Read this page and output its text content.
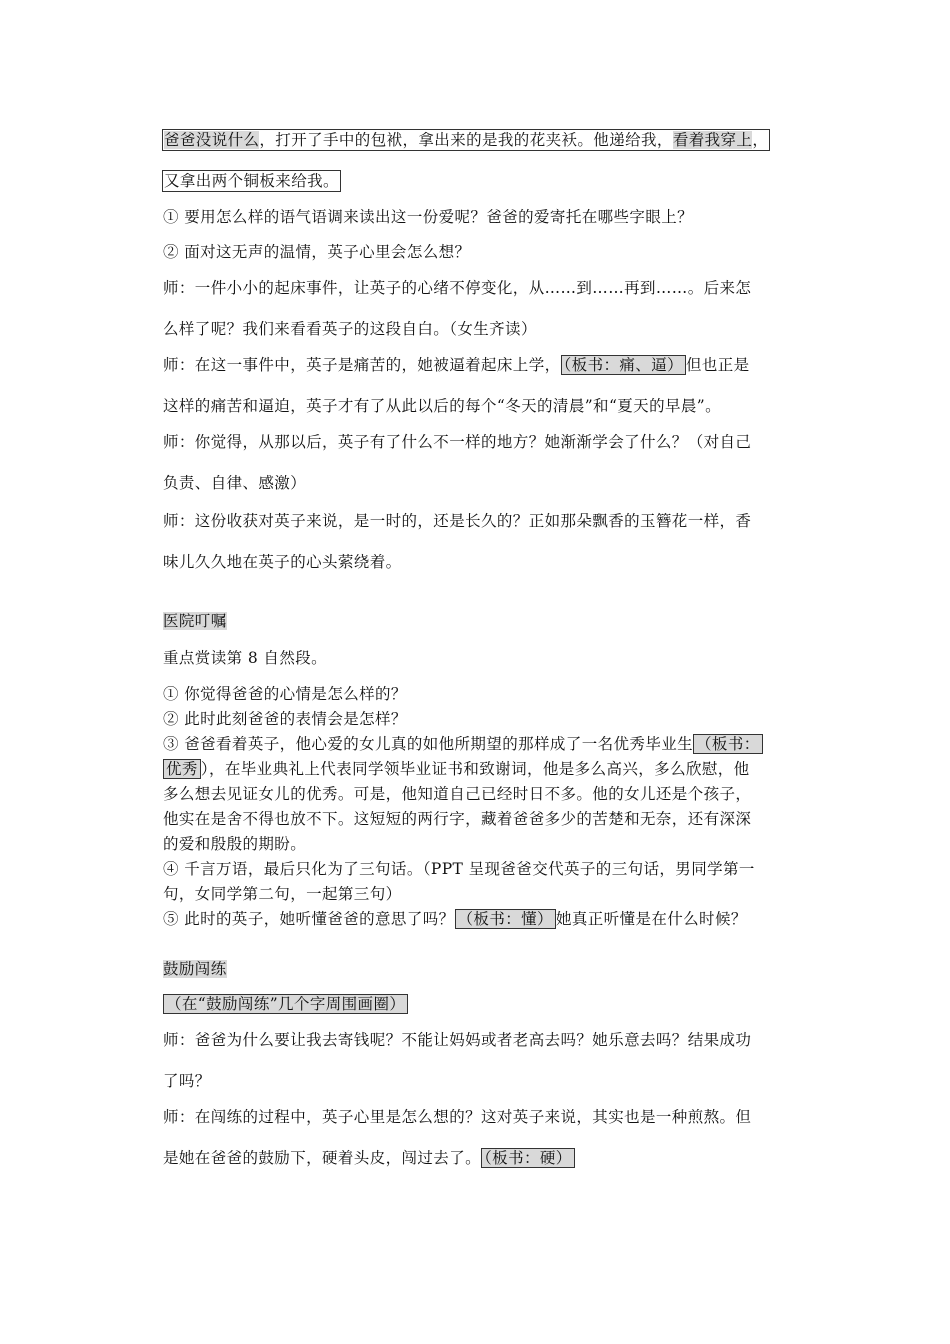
爸爸没说什么，打开了手中的包袱，拿出来的是我的花夹袄。他递给我，看着我穿上，
又拿出两个铜板来给我。
① 要用怎么样的语气语调来读出这一份爱呢？爸爸的爱寄托在哪些字眼上？
② 面对这无声的温情，英子心里会怎么想？
师：一件小小的起床事件，让英子的心绪不停变化，从……到……再到……。后来怎
么样了呢？我们来看看英子的这段自白。（女生齐读）
师：在这一事件中，英子是痛苦的，她被逼着起床上学， （板书：痛、逼） 但也正是
这样的痛苦和逼迫，英子才有了从此以后的每个“冬天的清晨”和“夏天的早晨”。
师：你觉得，从那以后，英子有了什么不一样的地方？她渐渐学会了什么？（对自己
负责、自律、感激）
师：这份收获对英子来说，是一时的，还是长久的？正如那朵飘香的玉簪花一样，香
味儿久久地在英子的心头萦绕着。
医院叮嘱
重点赏读第 8 自然段。
① 你觉得爸爸的心情是怎么样的？
② 此时此刻爸爸的表情会是怎样？
③ 爸爸看着英子，他心爱的女儿真的如他所期望的那样成了一名优秀毕业生 （板书：
优秀 ），在毕业典礼上代表同学领毕业证书和致谢词，他是多么高兴，多么欣慰，他
多么想去见证女儿的优秀。可是，他知道自己已经时日不多。他的女儿还是个孩子，
他实在是舍不得也放不下。这短短的两行字，藏着爸爸多少的苦楚和无奈，还有深深
的爱和殷殷的期盼。
④ 千言万语，最后只化为了三句话。（PPT 呈现爸爸交代英子的三句话，男同学第一
句，女同学第二句，一起第三句）
⑤ 此时的英子，她听懂爸爸的意思了吗？ （板书：懂） 她真正听懂是在什么时候？
鼓励闯练
（在“鼓励闯练”几个字周围画圈）
师：爸爸为什么要让我去寄钱呢？不能让妈妈或者老高去吗？她乐意去吗？结果成功
了吗？
师：在闯练的过程中，英子心里是怎么想的？这对英子来说，其实也是一种煎熬。但
是她在爸爸的鼓励下，硬着头皮，闯过去了。 （板书：硬）
